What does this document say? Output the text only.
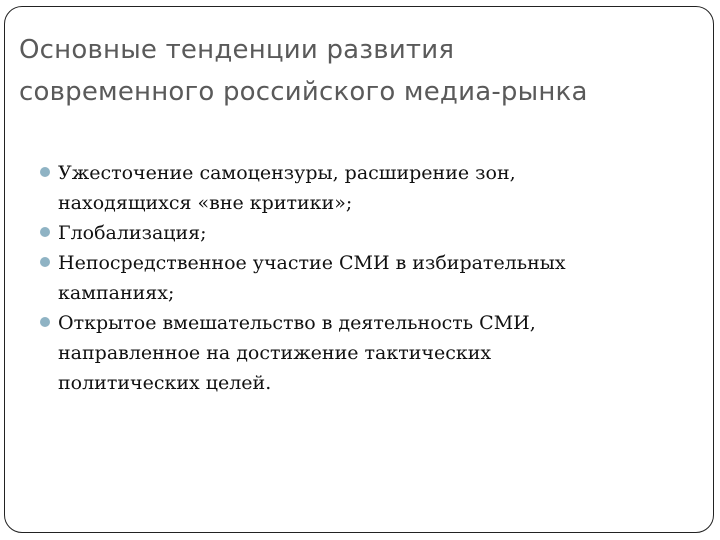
Основные тенденции развития
современного российского медиа-рынка
Ужесточение самоцензуры, расширение зон,
находящихся «вне критики»;
Глобализация;
Непосредственное участие СМИ в избирательных
кампаниях;
Открытое вмешательство в деятельность СМИ,
направленное на достижение тактических
политических целей.
